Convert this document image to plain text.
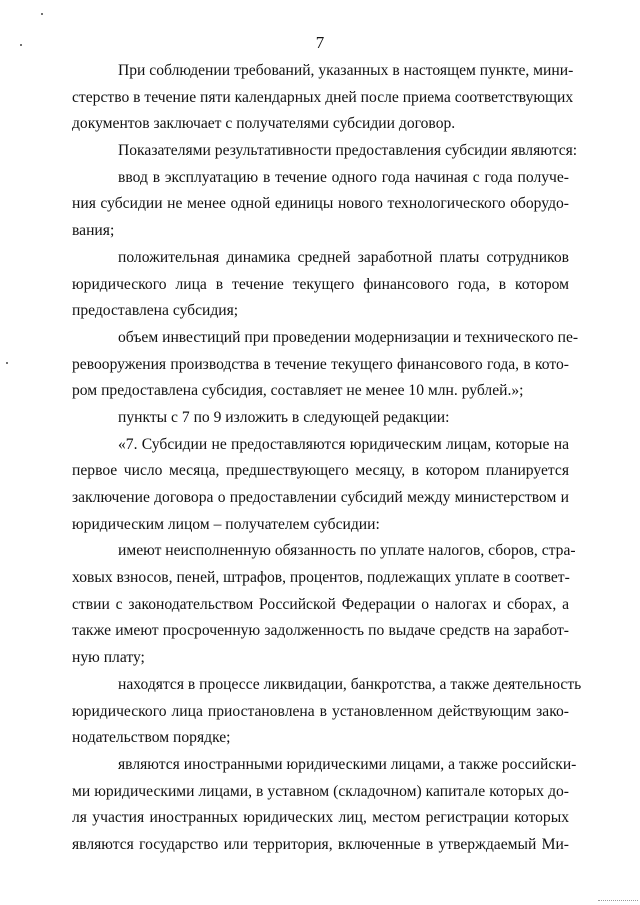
7
При соблюдении требований, указанных в настоящем пункте, мини-
стерство в течение пяти календарных дней после приема соответствующих
документов заключает с получателями субсидии договор.
Показателями результативности предоставления субсидии являются:
ввод в эксплуатацию в течение одного года начиная с года получе-
ния субсидии не менее одной единицы нового технологического оборудо-
вания;
положительная динамика средней заработной платы сотрудников
юридического лица в течение текущего финансового года, в котором
предоставлена субсидия;
объем инвестиций при проведении модернизации и технического пе-
ревооружения производства в течение текущего финансового года, в кото-
ром предоставлена субсидия, составляет не менее 10 млн. рублей.»;
пункты с 7 по 9 изложить в следующей редакции:
«7. Субсидии не предоставляются юридическим лицам, которые на
первое число месяца, предшествующего месяцу, в котором планируется
заключение договора о предоставлении субсидий между министерством и
юридическим лицом – получателем субсидии:
имеют неисполненную обязанность по уплате налогов, сборов, стра-
ховых взносов, пеней, штрафов, процентов, подлежащих уплате в соответ-
ствии с законодательством Российской Федерации о налогах и сборах, а
также имеют просроченную задолженность по выдаче средств на заработ-
ную плату;
находятся в процессе ликвидации, банкротства, а также деятельность
юридического лица приостановлена в установленном действующим зако-
нодательством порядке;
являются иностранными юридическими лицами, а также российски-
ми юридическими лицами, в уставном (складочном) капитале которых до-
ля участия иностранных юридических лиц, местом регистрации которых
являются государство или территория, включенные в утверждаемый Ми-
